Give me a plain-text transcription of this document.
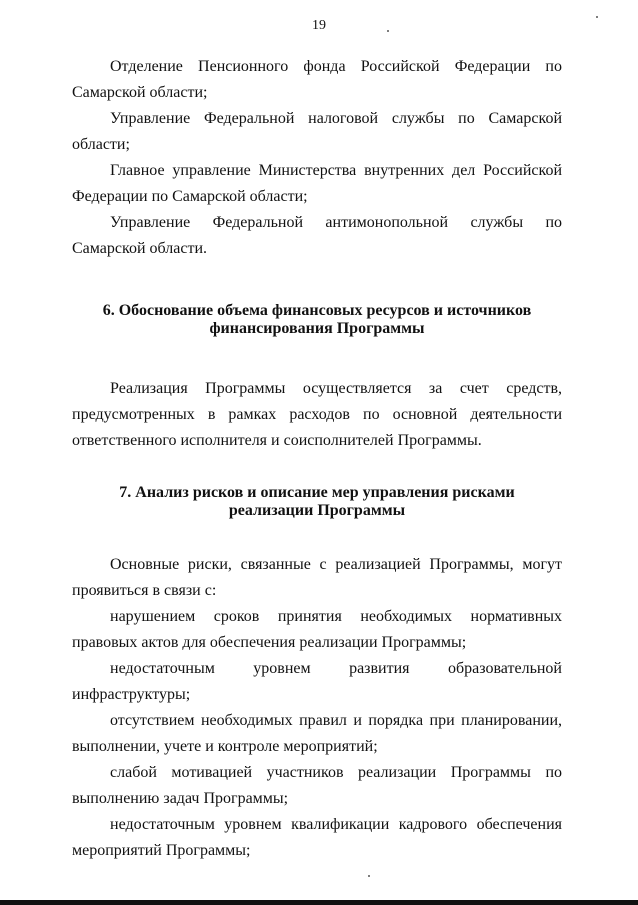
19

Отделение Пенсионного фонда Российской Федерации по Самарской области;

Управление Федеральной налоговой службы по Самарской области;

Главное управление Министерства внутренних дел Российской Федерации по Самарской области;

Управление Федеральной антимонопольной службы по Самарской области.

6. Обоснование объема финансовых ресурсов и источников финансирования Программы

Реализация Программы осуществляется за счет средств, предусмотренных в рамках расходов по основной деятельности ответственного исполнителя и соисполнителей Программы.

7. Анализ рисков и описание мер управления рисками реализации Программы

Основные риски, связанные с реализацией Программы, могут проявиться в связи с:

нарушением сроков принятия необходимых нормативных правовых актов для обеспечения реализации Программы;

недостаточным уровнем развития образовательной инфраструктуры;

отсутствием необходимых правил и порядка при планировании, выполнении, учете и контроле мероприятий;

слабой мотивацией участников реализации Программы по выполнению задач Программы;

недостаточным уровнем квалификации кадрового обеспечения мероприятий Программы;
